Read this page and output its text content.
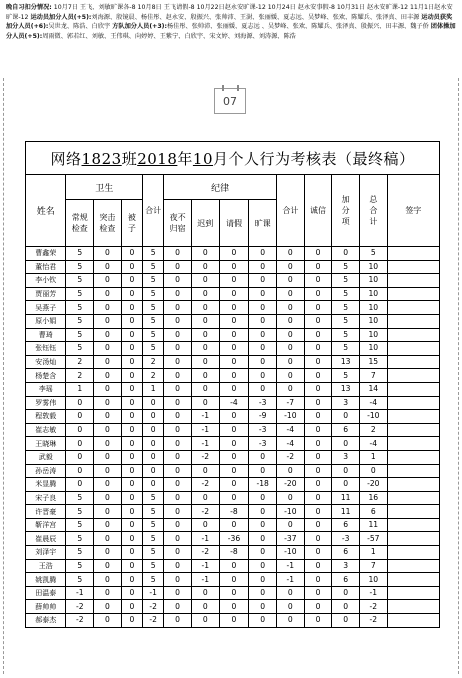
晚自习扣分情况: 10月7日 王飞、刘敏旷课各-8 10月8日 王飞请假-8 10月22日赵永安旷课-12 10月24日 赵永安事假-8 10月31日 赵永安旷课-12 11月1日赵永安旷课-12 运动员加分人员(+5):刘海源、殷镜晨、杨佳彤、赵永安、殷振兴、张帅沛、王澍、张丽媛、夏志远、吴梦峰、张欢、陈耀兵、张泽真、田丰源 运动员获奖加分人员(+6):吴世龙、陈浩、白欣宇 方队加分人员(+3):杨佳彤、张帅沛、张丽媛、夏志远 、吴梦峰、张欢、陈耀兵、张泽真、殷振兴、田丰源、魏子侨 团体操加分人员(+5):周雨微、郭若红、刘敏、王伟琪、向婷婷、王紫宁、白欣宇、宋文婷、刘海源、刘涛源、陈浩
07
网络1823班2018年10月个人行为考核表（最终稿）													
姓名	卫生			合计	纪律				合计	诚信	加分项	总合计	签字
	常规检查	突击检查	被子		夜不归宿	迟到	请假	旷课					
曹鑫荣	5	0	0	5	0	0	0	0	0	0	0	5	
董怡君	5	0	0	5	0	0	0	0	0	0	5	10	
李小钦	5	0	0	5	0	0	0	0	0	0	5	10	
贾丽芳	5	0	0	5	0	0	0	0	0	0	5	10	
吴燕子	5	0	0	5	0	0	0	0	0	0	5	10	
原小娟	5	0	0	5	0	0	0	0	0	0	5	10	
曹琦	5	0	0	5	0	0	0	0	0	0	5	10	
张钰钰	5	0	0	5	0	0	0	0	0	0	5	10	
安汤灿	2	0	0	2	0	0	0	0	0	0	13	15	
杨楚含	2	0	0	2	0	0	0	0	0	0	5	7	
李瑶	1	0	0	1	0	0	0	0	0	0	13	14	
罗雾伟	0	0	0	0	0	0	-4	-3	-7	0	3	-4	
程敦毅	0	0	0	0	0	-1	0	-9	-10	0	0	-10	
崔志敏	0	0	0	0	0	-1	0	-3	-4	0	6	2	
王晓琳	0	0	0	0	0	-1	0	-3	-4	0	0	-4	
武毅	0	0	0	0	0	-2	0	0	-2	0	3	1	
孙岳涛	0	0	0	0	0	0	0	0	0	0	0	0	
米显腾	0	0	0	0	0	-2	0	-18	-20	0	0	-20	
宋子良	5	0	0	5	0	0	0	0	0	0	11	16	
许晋豪	5	0	0	5	0	-2	-8	0	-10	0	11	6	
靳洋宫	5	0	0	5	0	0	0	0	0	0	6	11	
崔晨辰	5	0	0	5	0	-1	-36	0	-37	0	-3	-57	
刘泽宇	5	0	0	5	0	-2	-8	0	-10	0	6	1	
王浩	5	0	0	5	0	-1	0	0	-1	0	3	7	
姚凯腾	5	0	0	5	0	-1	0	0	-1	0	6	10	
田温泰	-1	0	0	-1	0	0	0	0	0	0	0	-1	
薛帅帅	-2	0	0	-2	0	0	0	0	0	0	0	-2	
郝泰杰	-2	0	0	-2	0	0	0	0	0	0	0	-2	
